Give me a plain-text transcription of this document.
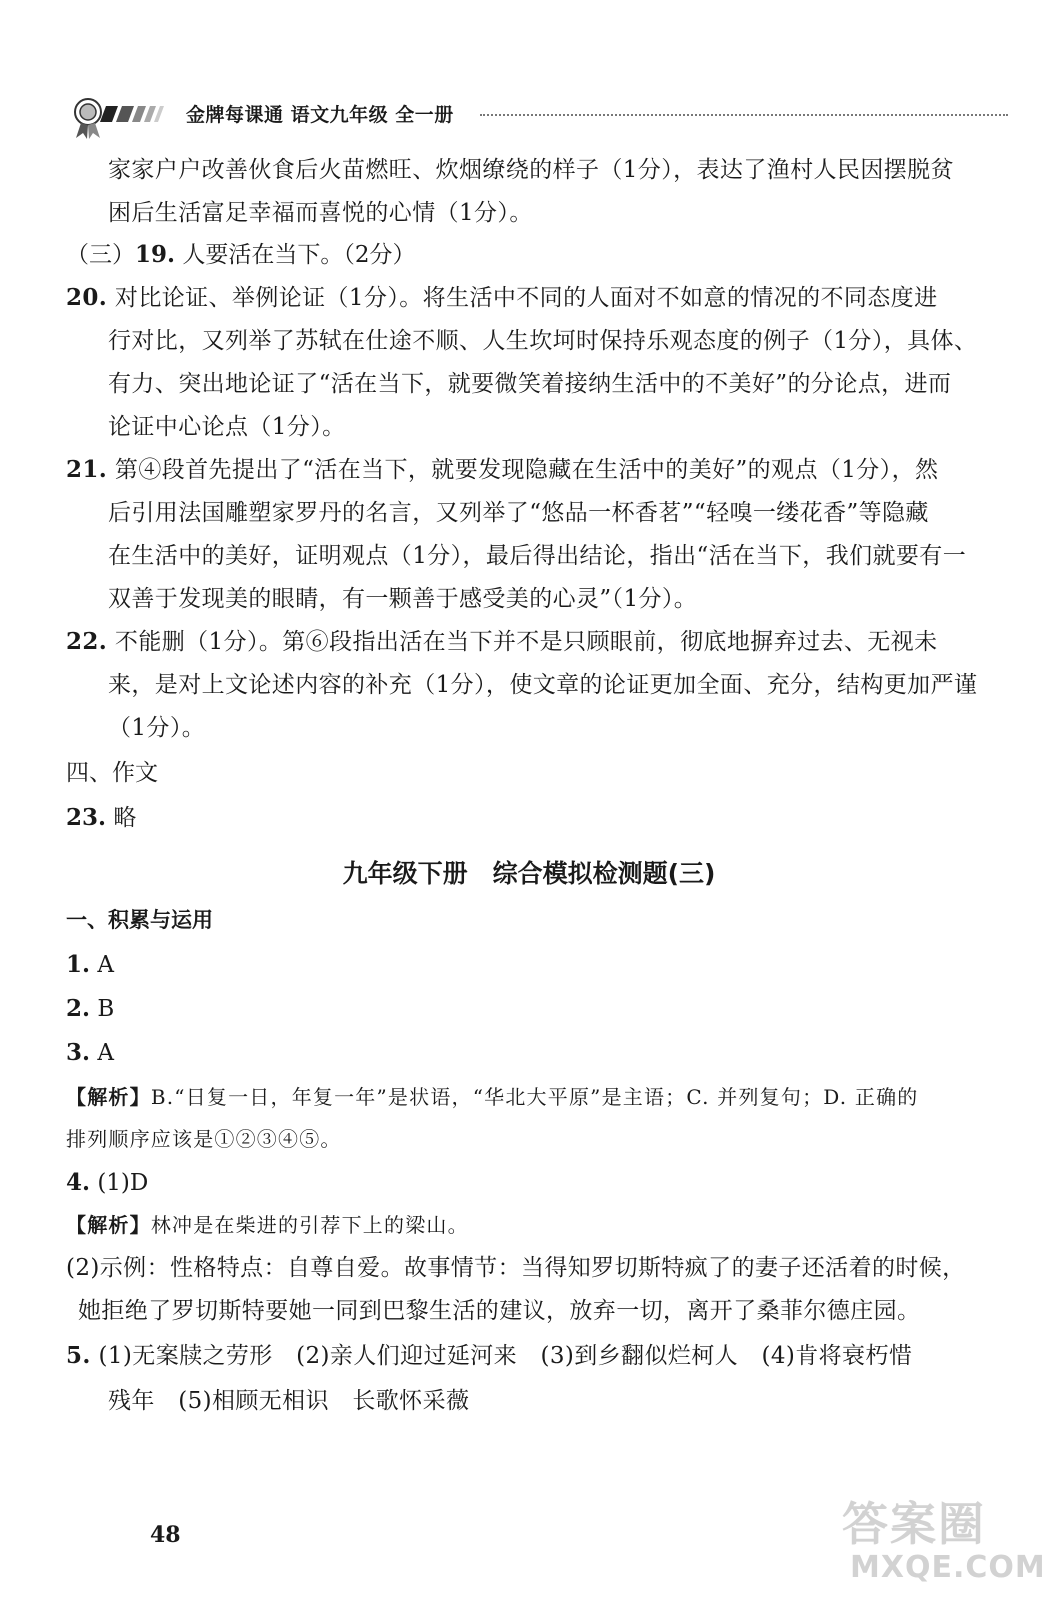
金牌每课通 语文九年级 全一册
家家户户改善伙食后火苗燃旺、炊烟缭绕的样子（1分），表达了渔村人民因摆脱贫
困后生活富足幸福而喜悦的心情（1分）。
（三）19. 人要活在当下。（2分）
20. 对比论证、举例论证（1分）。将生活中不同的人面对不如意的情况的不同态度进
行对比，又列举了苏轼在仕途不顺、人生坎坷时保持乐观态度的例子（1分），具体、
有力、突出地论证了“活在当下，就要微笑着接纳生活中的不美好”的分论点，进而
论证中心论点（1分）。
21. 第④段首先提出了“活在当下，就要发现隐藏在生活中的美好”的观点（1分），然
后引用法国雕塑家罗丹的名言，又列举了“悠品一杯香茗”“轻嗅一缕花香”等隐藏
在生活中的美好，证明观点（1分），最后得出结论，指出“活在当下，我们就要有一
双善于发现美的眼睛，有一颗善于感受美的心灵”（1分）。
22. 不能删（1分）。第⑥段指出活在当下并不是只顾眼前，彻底地摒弃过去、无视未
来，是对上文论述内容的补充（1分），使文章的论证更加全面、充分，结构更加严谨
（1分）。
四、作文
23. 略
九年级下册　综合模拟检测题(三)
一、积累与运用
1. A
2. B
3. A
【解析】B.“日复一日，年复一年”是状语，“华北大平原”是主语；C. 并列复句；D. 正确的
排列顺序应该是①②③④⑤。
4. (1)D
【解析】林冲是在柴进的引荐下上的梁山。
(2)示例：性格特点：自尊自爱。故事情节：当得知罗切斯特疯了的妻子还活着的时候，
她拒绝了罗切斯特要她一同到巴黎生活的建议，放弃一切，离开了桑菲尔德庄园。
5. (1)无案牍之劳形　(2)亲人们迎过延河来　(3)到乡翻似烂柯人　(4)肯将衰朽惜
残年　(5)相顾无相识　长歌怀采薇
48	答案圈
MXQE.COM
